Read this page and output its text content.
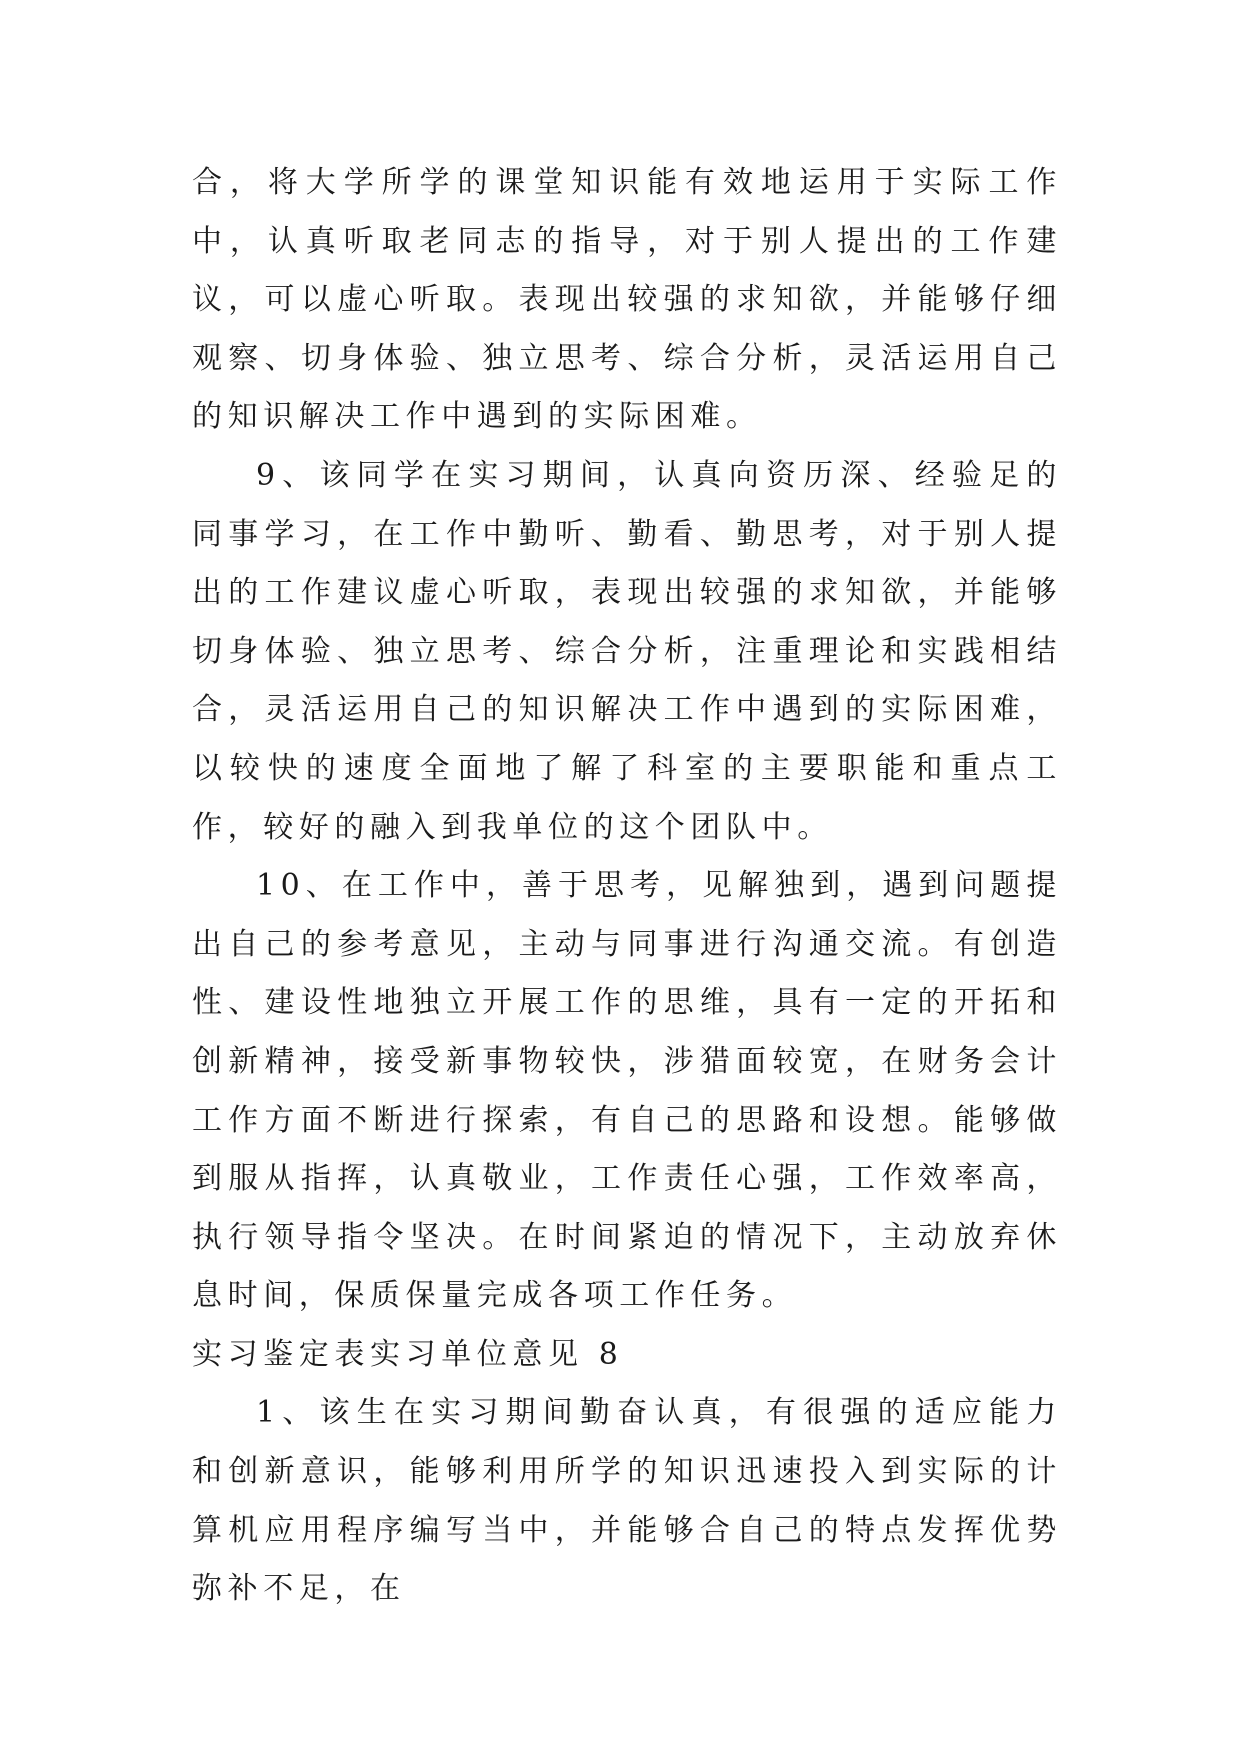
合，将大学所学的课堂知识能有效地运用于实际工作中，认真听取老同志的指导，对于别人提出的工作建议，可以虚心听取。表现出较强的求知欲，并能够仔细观察、切身体验、独立思考、综合分析，灵活运用自己的知识解决工作中遇到的实际困难。

9、该同学在实习期间，认真向资历深、经验足的同事学习，在工作中勤听、勤看、勤思考，对于别人提出的工作建议虚心听取，表现出较强的求知欲，并能够切身体验、独立思考、综合分析，注重理论和实践相结合，灵活运用自己的知识解决工作中遇到的实际困难，以较快的速度全面地了解了科室的主要职能和重点工作，较好的融入到我单位的这个团队中。

10、在工作中，善于思考，见解独到，遇到问题提出自己的参考意见，主动与同事进行沟通交流。有创造性、建设性地独立开展工作的思维，具有一定的开拓和创新精神，接受新事物较快，涉猎面较宽，在财务会计工作方面不断进行探索，有自己的思路和设想。能够做到服从指挥，认真敬业，工作责任心强，工作效率高，执行领导指令坚决。在时间紧迫的情况下，主动放弃休息时间，保质保量完成各项工作任务。

实习鉴定表实习单位意见 8

1、该生在实习期间勤奋认真，有很强的适应能力和创新意识，能够利用所学的知识迅速投入到实际的计算机应用程序编写当中，并能够合自己的特点发挥优势弥补不足，在
